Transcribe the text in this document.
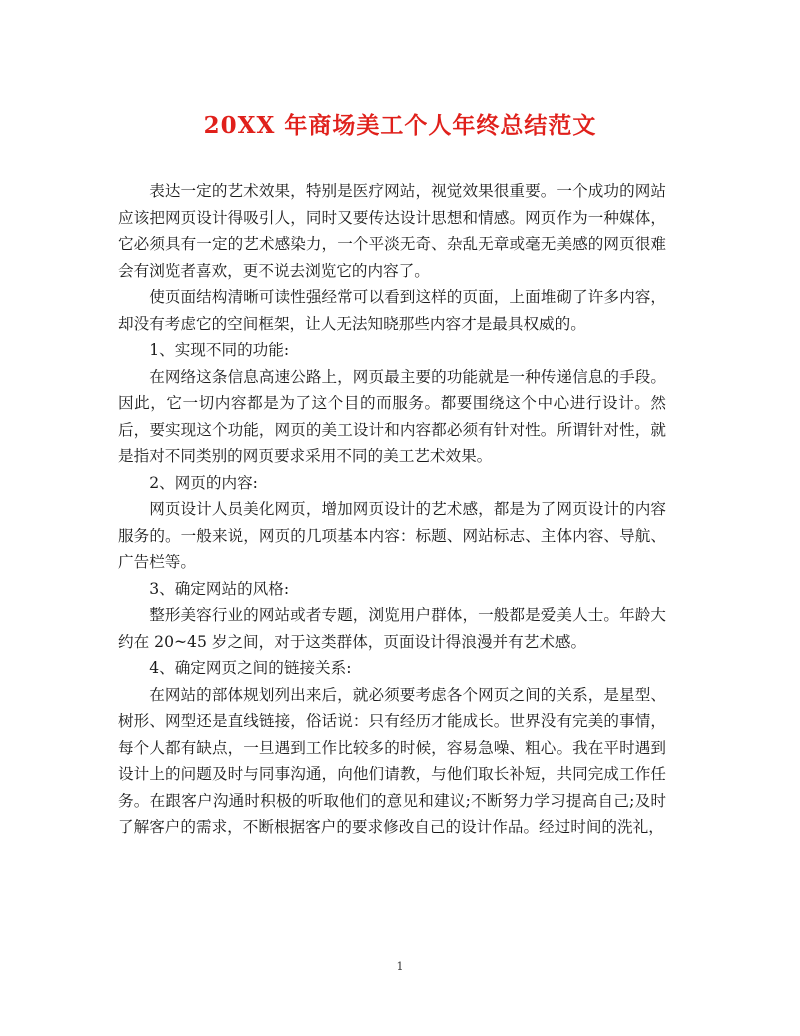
20XX 年商场美工个人年终总结范文

表达一定的艺术效果，特别是医疗网站，视觉效果很重要。一个成功的网站应该把网页设计得吸引人，同时又要传达设计思想和情感。网页作为一种媒体，它必须具有一定的艺术感染力，一个平淡无奇、杂乱无章或毫无美感的网页很难会有浏览者喜欢，更不说去浏览它的内容了。

使页面结构清晰可读性强经常可以看到这样的页面，上面堆砌了许多内容，却没有考虑它的空间框架，让人无法知晓那些内容才是最具权威的。

1、实现不同的功能:

在网络这条信息高速公路上，网页最主要的功能就是一种传递信息的手段。因此，它一切内容都是为了这个目的而服务。都要围绕这个中心进行设计。然后，要实现这个功能，网页的美工设计和内容都必须有针对性。所谓针对性，就是指对不同类别的网页要求采用不同的美工艺术效果。

2、网页的内容:

网页设计人员美化网页，增加网页设计的艺术感，都是为了网页设计的内容服务的。一般来说，网页的几项基本内容：标题、网站标志、主体内容、导航、广告栏等。

3、确定网站的风格:

整形美容行业的网站或者专题，浏览用户群体，一般都是爱美人士。年龄大约在 20~45 岁之间，对于这类群体，页面设计得浪漫并有艺术感。

4、确定网页之间的链接关系:

在网站的部体规划列出来后，就必须要考虑各个网页之间的关系，是星型、树形、网型还是直线链接，俗话说：只有经历才能成长。世界没有完美的事情，每个人都有缺点，一旦遇到工作比较多的时候，容易急噪、粗心。我在平时遇到设计上的问题及时与同事沟通，向他们请教，与他们取长补短，共同完成工作任务。在跟客户沟通时积极的听取他们的意见和建议;不断努力学习提高自己;及时了解客户的需求，不断根据客户的要求修改自己的设计作品。经过时间的洗礼，

1
